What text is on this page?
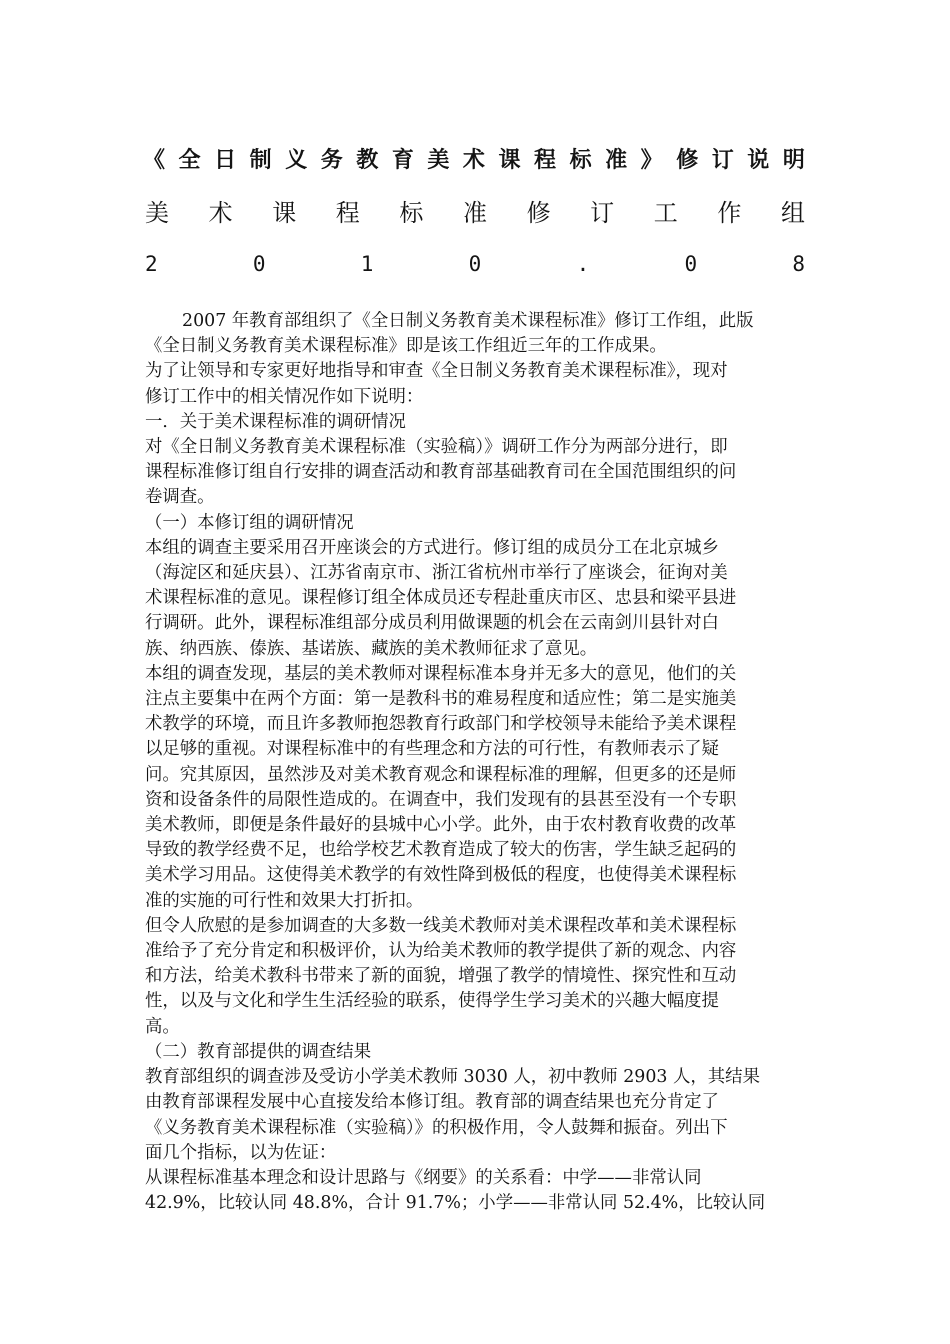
《 全 日 制 义 务 教 育 美 术 课 程 标 准 》 修 订 说 明
美 术 课 程 标 准 修 订 工 作 组
2	0	1	0	.	0	8

2007 年教育部组织了《全日制义务教育美术课程标准》修订工作组，此版

《全日制义务教育美术课程标准》即是该工作组近三年的工作成果。

为了让领导和专家更好地指导和审查《全日制义务教育美术课程标准》，现对

修订工作中的相关情况作如下说明：

一．关于美术课程标准的调研情况

对《全日制义务教育美术课程标准（实验稿）》调研工作分为两部分进行，即

课程标准修订组自行安排的调查活动和教育部基础教育司在全国范围组织的问

卷调查。

（一）本修订组的调研情况

本组的调查主要采用召开座谈会的方式进行。修订组的成员分工在北京城乡

（海淀区和延庆县）、江苏省南京市、浙江省杭州市举行了座谈会，征询对美

术课程标准的意见。课程修订组全体成员还专程赴重庆市区、忠县和梁平县进

行调研。此外，课程标准组部分成员利用做课题的机会在云南剑川县针对白

族、纳西族、傣族、基诺族、藏族的美术教师征求了意见。

本组的调查发现，基层的美术教师对课程标准本身并无多大的意见，他们的关

注点主要集中在两个方面：第一是教科书的难易程度和适应性；第二是实施美

术教学的环境，而且许多教师抱怨教育行政部门和学校领导未能给予美术课程

以足够的重视。对课程标准中的有些理念和方法的可行性，有教师表示了疑

问。究其原因，虽然涉及对美术教育观念和课程标准的理解，但更多的还是师

资和设备条件的局限性造成的。在调查中，我们发现有的县甚至没有一个专职

美术教师，即便是条件最好的县城中心小学。此外，由于农村教育收费的改革

导致的教学经费不足，也给学校艺术教育造成了较大的伤害，学生缺乏起码的

美术学习用品。这使得美术教学的有效性降到极低的程度，也使得美术课程标

准的实施的可行性和效果大打折扣。

但令人欣慰的是参加调查的大多数一线美术教师对美术课程改革和美术课程标

准给予了充分肯定和积极评价，认为给美术教师的教学提供了新的观念、内容

和方法，给美术教科书带来了新的面貌，增强了教学的情境性、探究性和互动

性，以及与文化和学生生活经验的联系，使得学生学习美术的兴趣大幅度提

高。

（二）教育部提供的调查结果

教育部组织的调查涉及受访小学美术教师 3030 人，初中教师 2903 人，其结果

由教育部课程发展中心直接发给本修订组。教育部的调查结果也充分肯定了

《义务教育美术课程标准（实验稿）》的积极作用，令人鼓舞和振奋。列出下

面几个指标，以为佐证：

从课程标准基本理念和设计思路与《纲要》的关系看：中学——非常认同

42.9%，比较认同 48.8%，合计 91.7%；小学——非常认同 52.4%，比较认同
